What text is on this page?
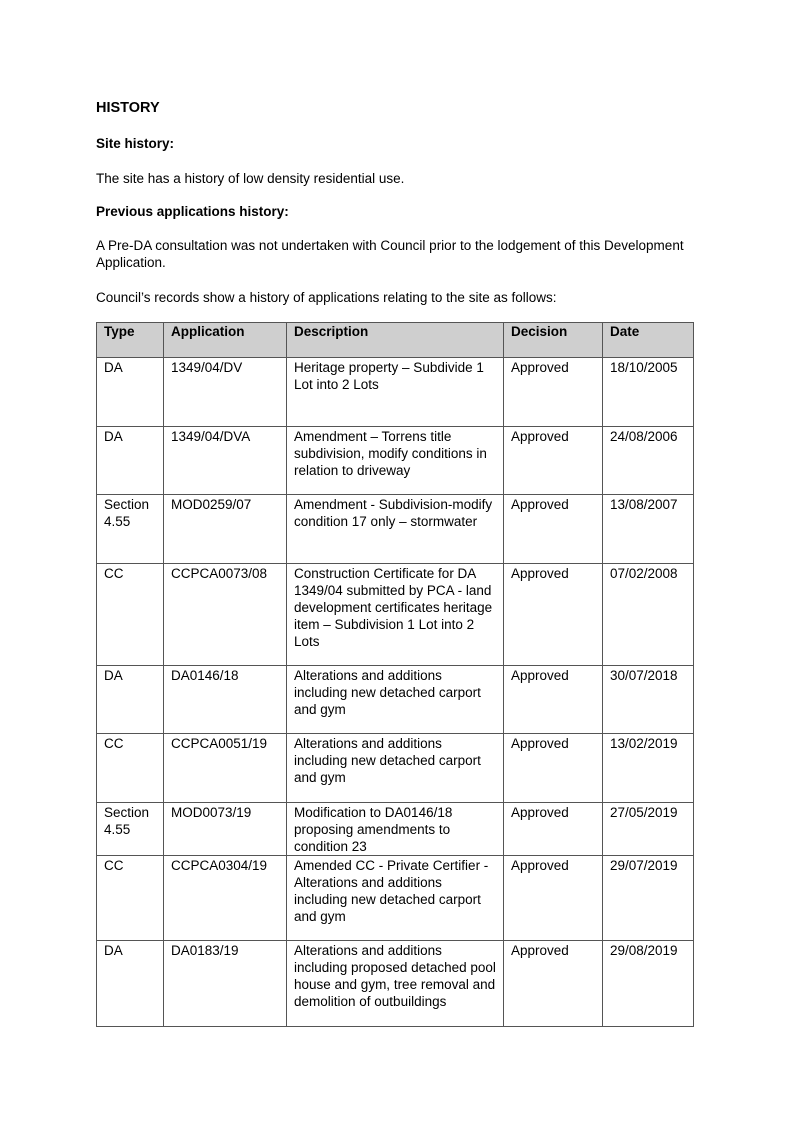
HISTORY
Site history:
The site has a history of low density residential use.
Previous applications history:
A Pre-DA consultation was not undertaken with Council prior to the lodgement of this Development Application.
Council’s records show a history of applications relating to the site as follows:
Type	Application	Description	Decision	Date
DA	1349/04/DV	Heritage property – Subdivide 1 Lot into 2 Lots	Approved	18/10/2005
DA	1349/04/DVA	Amendment – Torrens title subdivision, modify conditions in relation to driveway	Approved	24/08/2006
Section 4.55	MOD0259/07	Amendment - Subdivision-modify condition 17 only – stormwater	Approved	13/08/2007
CC	CCPCA0073/08	Construction Certificate for DA 1349/04 submitted by PCA - land development certificates heritage item – Subdivision 1 Lot into 2 Lots	Approved	07/02/2008
DA	DA0146/18	Alterations and additions including new detached carport and gym	Approved	30/07/2018
CC	CCPCA0051/19	Alterations and additions including new detached carport and gym	Approved	13/02/2019
Section 4.55	MOD0073/19	Modification to DA0146/18 proposing amendments to condition 23	Approved	27/05/2019
CC	CCPCA0304/19	Amended CC - Private Certifier - Alterations and additions including new detached carport and gym	Approved	29/07/2019
DA	DA0183/19	Alterations and additions including proposed detached pool house and gym, tree removal and demolition of outbuildings	Approved	29/08/2019
